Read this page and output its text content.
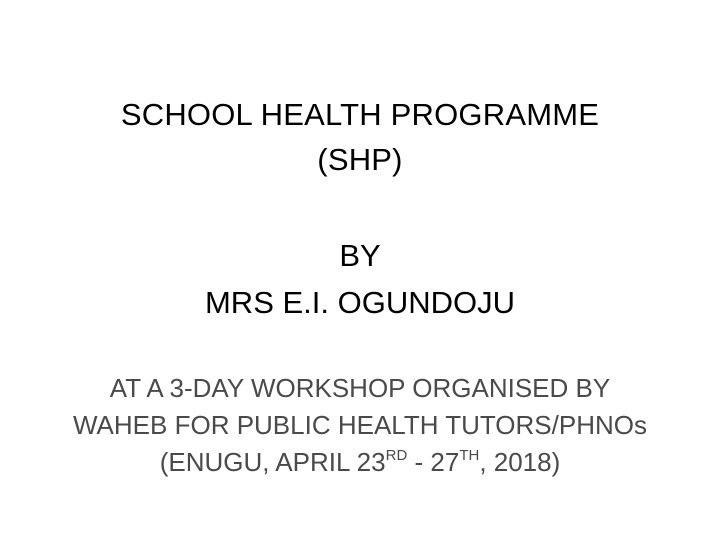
SCHOOL HEALTH PROGRAMME
(SHP)
BY
MRS E.I. OGUNDOJU
AT A 3-DAY WORKSHOP ORGANISED BY
WAHEB FOR PUBLIC HEALTH TUTORS/PHNOs
(ENUGU, APRIL 23RD - 27TH, 2018)
